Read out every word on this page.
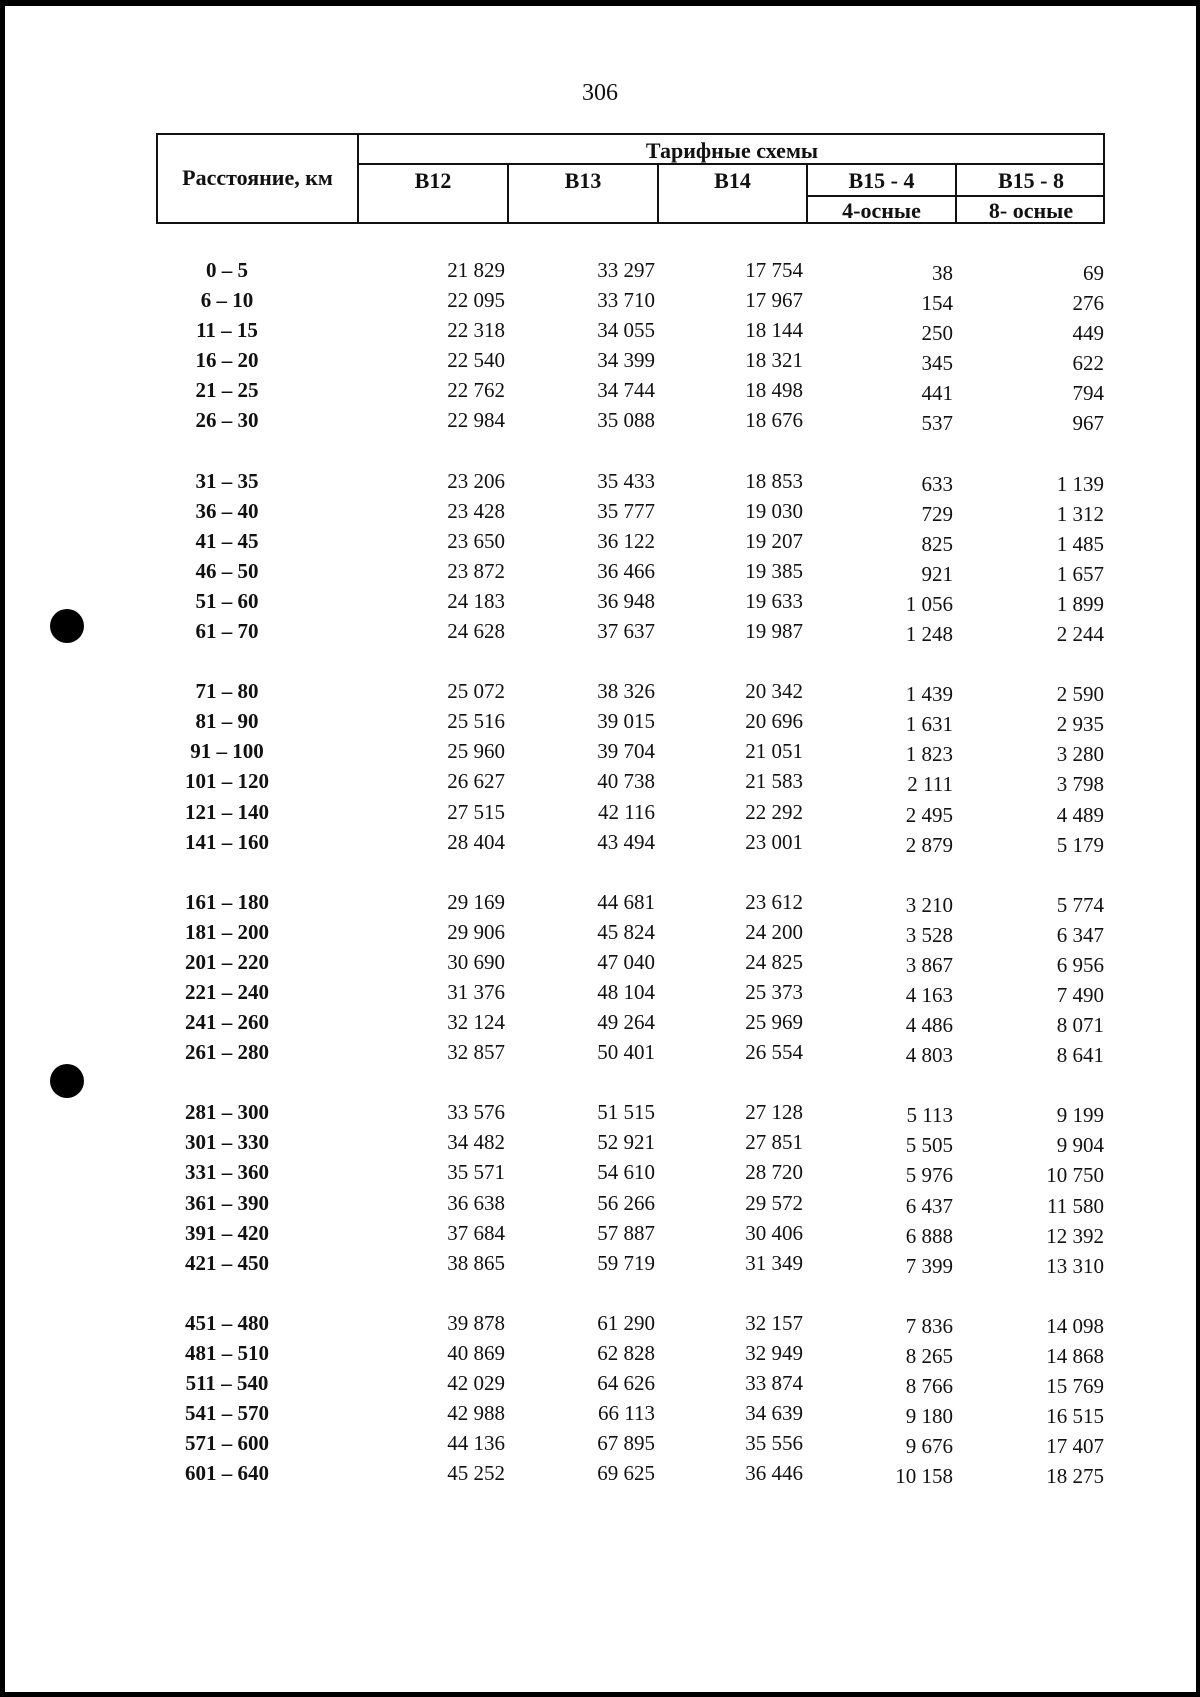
306
Расстояние, км
Тарифные схемы
В12	В13	В14	В15 - 4	В15 - 8
4-осные	8- осные
0 – 5	21 829	33 297	17 754	38	69
6 – 10	22 095	33 710	17 967	154	276
11 – 15	22 318	34 055	18 144	250	449
16 – 20	22 540	34 399	18 321	345	622
21 – 25	22 762	34 744	18 498	441	794
26 – 30	22 984	35 088	18 676	537	967
31 – 35	23 206	35 433	18 853	633	1 139
36 – 40	23 428	35 777	19 030	729	1 312
41 – 45	23 650	36 122	19 207	825	1 485
46 – 50	23 872	36 466	19 385	921	1 657
51 – 60	24 183	36 948	19 633	1 056	1 899
61 – 70	24 628	37 637	19 987	1 248	2 244
71 – 80	25 072	38 326	20 342	1 439	2 590
81 – 90	25 516	39 015	20 696	1 631	2 935
91 – 100	25 960	39 704	21 051	1 823	3 280
101 – 120	26 627	40 738	21 583	2 111	3 798
121 – 140	27 515	42 116	22 292	2 495	4 489
141 – 160	28 404	43 494	23 001	2 879	5 179
161 – 180	29 169	44 681	23 612	3 210	5 774
181 – 200	29 906	45 824	24 200	3 528	6 347
201 – 220	30 690	47 040	24 825	3 867	6 956
221 – 240	31 376	48 104	25 373	4 163	7 490
241 – 260	32 124	49 264	25 969	4 486	8 071
261 – 280	32 857	50 401	26 554	4 803	8 641
281 – 300	33 576	51 515	27 128	5 113	9 199
301 – 330	34 482	52 921	27 851	5 505	9 904
331 – 360	35 571	54 610	28 720	5 976	10 750
361 – 390	36 638	56 266	29 572	6 437	11 580
391 – 420	37 684	57 887	30 406	6 888	12 392
421 – 450	38 865	59 719	31 349	7 399	13 310
451 – 480	39 878	61 290	32 157	7 836	14 098
481 – 510	40 869	62 828	32 949	8 265	14 868
511 – 540	42 029	64 626	33 874	8 766	15 769
541 – 570	42 988	66 113	34 639	9 180	16 515
571 – 600	44 136	67 895	35 556	9 676	17 407
601 – 640	45 252	69 625	36 446	10 158	18 275
